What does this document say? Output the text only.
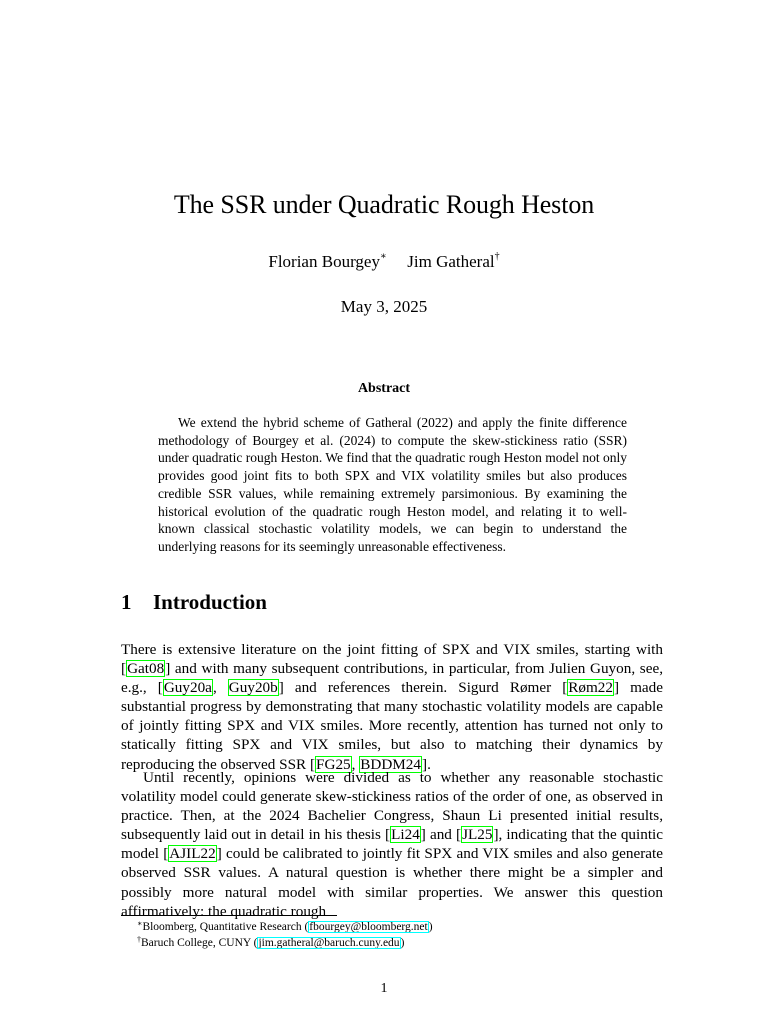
The SSR under Quadratic Rough Heston
Florian Bourgey∗ Jim Gatheral†
May 3, 2025
Abstract

We extend the hybrid scheme of Gatheral (2022) and apply the finite difference methodology of Bourgey et al. (2024) to compute the skew-stickiness ratio (SSR) under quadratic rough Heston. We find that the quadratic rough Heston model not only provides good joint fits to both SPX and VIX volatility smiles but also produces credible SSR values, while remaining extremely parsimonious. By examining the historical evolution of the quadratic rough Heston model, and relating it to well-known classical stochastic volatility models, we can begin to understand the underlying reasons for its seemingly unreasonable effectiveness.

1 Introduction

There is extensive literature on the joint fitting of SPX and VIX smiles, starting with [Gat08] and with many subsequent contributions, in particular, from Julien Guyon, see, e.g., [Guy20a, Guy20b] and references therein. Sigurd Rømer [Røm22] made substantial progress by demonstrating that many stochastic volatility models are capable of jointly fitting SPX and VIX smiles. More recently, attention has turned not only to statically fitting SPX and VIX smiles, but also to matching their dynamics by reproducing the observed SSR [FG25, BDDM24].

Until recently, opinions were divided as to whether any reasonable stochastic volatility model could generate skew-stickiness ratios of the order of one, as observed in practice. Then, at the 2024 Bachelier Congress, Shaun Li presented initial results, subsequently laid out in detail in his thesis [Li24] and [JL25], indicating that the quintic model [AJIL22] could be calibrated to jointly fit SPX and VIX smiles and also generate observed SSR values. A natural question is whether there might be a simpler and possibly more natural model with similar properties. We answer this question affirmatively: the quadratic rough

∗Bloomberg, Quantitative Research (fbourgey@bloomberg.net)
†Baruch College, CUNY (jim.gatheral@baruch.cuny.edu)
1
